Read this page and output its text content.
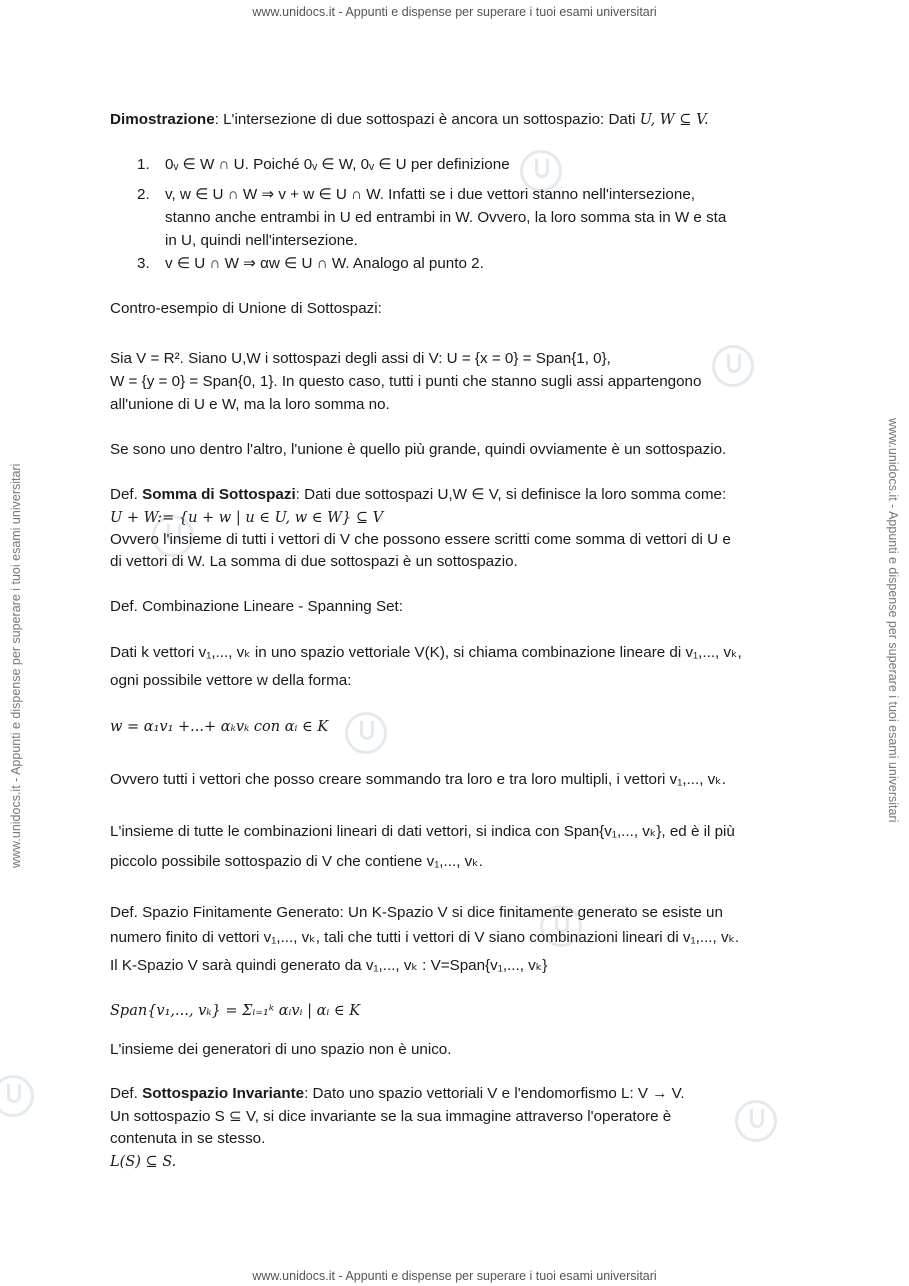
www.unidocs.it - Appunti e dispense per superare i tuoi esami universitari
www.unidocs.it - Appunti e dispense per superare i tuoi esami universitari
www.unidocs.it - Appunti e dispense per superare i tuoi esami universitari	www.unidocs.it - Appunti e dispense per superare i tuoi esami universitari
Dimostrazione: L'intersezione di due sottospazi è ancora un sottospazio: Dati U, W ⊆ V.
1.	0ᵥ ∈ W ∩ U. Poiché 0ᵥ ∈ W, 0ᵥ ∈ U per definizione
2.	v, w ∈ U ∩ W ⇒ v + w ∈ U ∩ W. Infatti se i due vettori stanno nell'intersezione,
stanno anche entrambi in U ed entrambi in W. Ovvero, la loro somma sta in W e sta
in U, quindi nell'intersezione.
3.	v ∈ U ∩ W ⇒ αw ∈ U ∩ W. Analogo al punto 2.
Contro-esempio di Unione di Sottospazi:
Sia V = R². Siano U,W i sottospazi degli assi di V: U = {x = 0} = Span{1, 0},
W = {y = 0} = Span{0, 1}. In questo caso, tutti i punti che stanno sugli assi appartengono
all'unione di U e W, ma la loro somma no.
Se sono uno dentro l'altro, l'unione è quello più grande, quindi ovviamente è un sottospazio.
Def. Somma di Sottospazi: Dati due sottospazi U,W ∈ V, si definisce la loro somma come:
U + W:= {u + w | u ∈ U, w ∈ W} ⊆ V
Ovvero l'insieme di tutti i vettori di V che possono essere scritti come somma di vettori di U e
di vettori di W. La somma di due sottospazi è un sottospazio.
Def. Combinazione Lineare - Spanning Set:
Dati k vettori v₁,..., vₖ in uno spazio vettoriale V(K), si chiama combinazione lineare di v₁,..., vₖ,
ogni possibile vettore w della forma:
w = α₁v₁ +...+ αₖvₖ con αᵢ ∈ K
Ovvero tutti i vettori che posso creare sommando tra loro e tra loro multipli, i vettori v₁,..., vₖ.
L'insieme di tutte le combinazioni lineari di dati vettori, si indica con Span{v₁,..., vₖ}, ed è il più
piccolo possibile sottospazio di V che contiene v₁,..., vₖ.
Def. Spazio Finitamente Generato: Un K-Spazio V si dice finitamente generato se esiste un
numero finito di vettori v₁,..., vₖ, tali che tutti i vettori di V siano combinazioni lineari di v₁,..., vₖ.
Il K-Spazio V sarà quindi generato da v₁,..., vₖ : V=Span{v₁,..., vₖ}
Span{v₁,..., vₖ} = Σᵢ₌₁ᵏ αᵢvᵢ | αᵢ ∈ K
L'insieme dei generatori di uno spazio non è unico.
Def. Sottospazio Invariante: Dato uno spazio vettoriali V e l'endomorfismo L: V → V.
Un sottospazio S ⊆ V, si dice invariante se la sua immagine attraverso l'operatore è
contenuta in se stesso.
L(S) ⊆ S.
